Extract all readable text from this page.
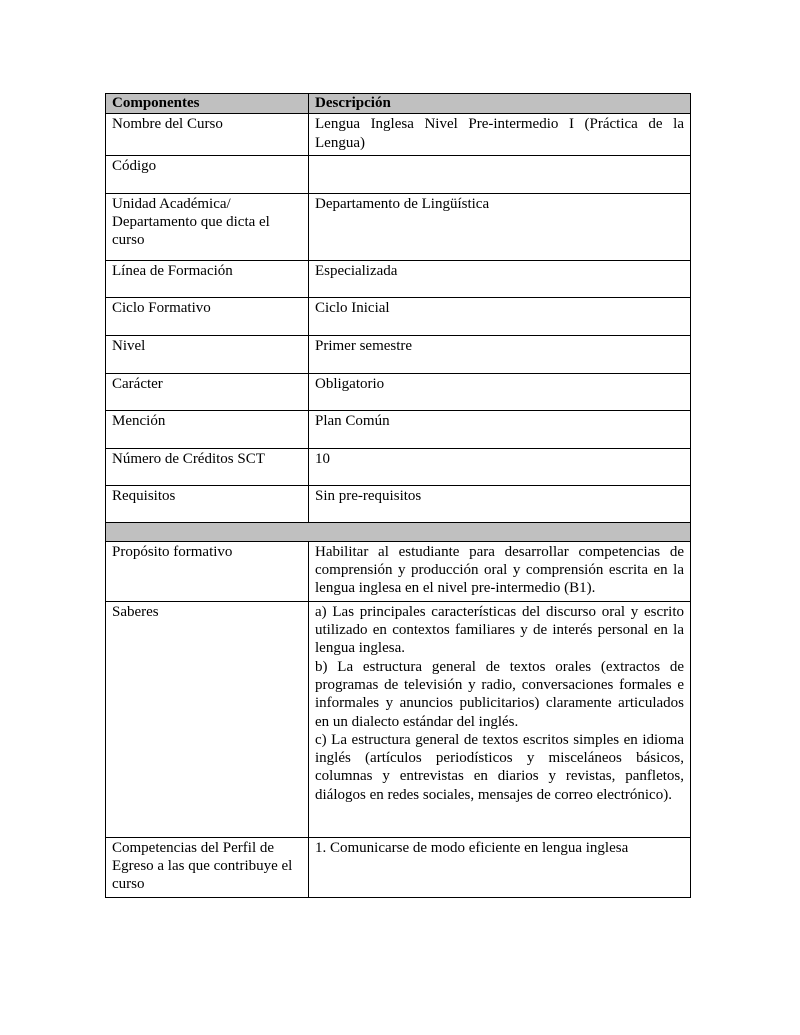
Componentes	Descripción
Nombre del Curso	Lengua Inglesa Nivel Pre-intermedio I (Práctica de la Lengua)
Código	
Unidad Académica/ Departamento que dicta el curso	Departamento de Lingüística
Línea de Formación	Especializada
Ciclo Formativo	Ciclo Inicial
Nivel	Primer semestre
Carácter	Obligatorio
Mención	Plan Común
Número de Créditos SCT	10
Requisitos	Sin pre-requisitos

Propósito formativo	Habilitar al estudiante para desarrollar competencias de comprensión y producción oral y comprensión escrita en la lengua inglesa en el nivel pre-intermedio (B1).
Saberes	a) Las principales características del discurso oral y escrito utilizado en contextos familiares y de interés personal en la lengua inglesa.
b) La estructura general de textos orales (extractos de programas de televisión y radio, conversaciones formales e informales y anuncios publicitarios) claramente articulados en un dialecto estándar del inglés.
c) La estructura general de textos escritos simples en idioma inglés (artículos periodísticos y misceláneos básicos, columnas y entrevistas en diarios y revistas, panfletos, diálogos en redes sociales, mensajes de correo electrónico).

Competencias del Perfil de Egreso a las que contribuye el curso	1. Comunicarse de modo eficiente en lengua inglesa
